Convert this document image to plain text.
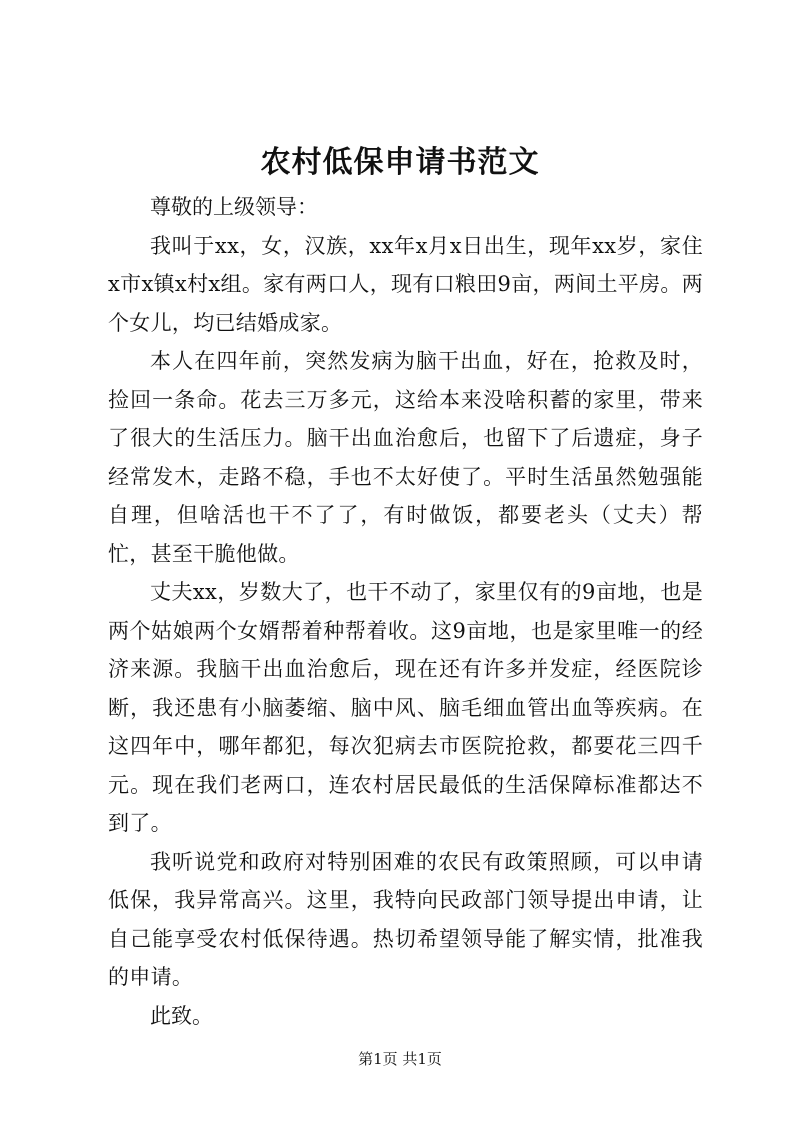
农村低保申请书范文

尊敬的上级领导：

我叫于xx，女，汉族，xx年x月x日出生，现年xx岁，家住x市x镇x村x组。家有两口人，现有口粮田9亩，两间土平房。两个女儿，均已结婚成家。

本人在四年前，突然发病为脑干出血，好在，抢救及时，捡回一条命。花去三万多元，这给本来没啥积蓄的家里，带来了很大的生活压力。脑干出血治愈后，也留下了后遗症，身子经常发木，走路不稳，手也不太好使了。平时生活虽然勉强能自理，但啥活也干不了了，有时做饭，都要老头（丈夫）帮忙，甚至干脆他做。

丈夫xx，岁数大了，也干不动了，家里仅有的9亩地，也是两个姑娘两个女婿帮着种帮着收。这9亩地，也是家里唯一的经济来源。我脑干出血治愈后，现在还有许多并发症，经医院诊断，我还患有小脑萎缩、脑中风、脑毛细血管出血等疾病。在这四年中，哪年都犯，每次犯病去市医院抢救，都要花三四千元。现在我们老两口，连农村居民最低的生活保障标准都达不到了。

我听说党和政府对特别困难的农民有政策照顾，可以申请低保，我异常高兴。这里，我特向民政部门领导提出申请，让自己能享受农村低保待遇。热切希望领导能了解实情，批准我的申请。

此致。

第1页 共1页
